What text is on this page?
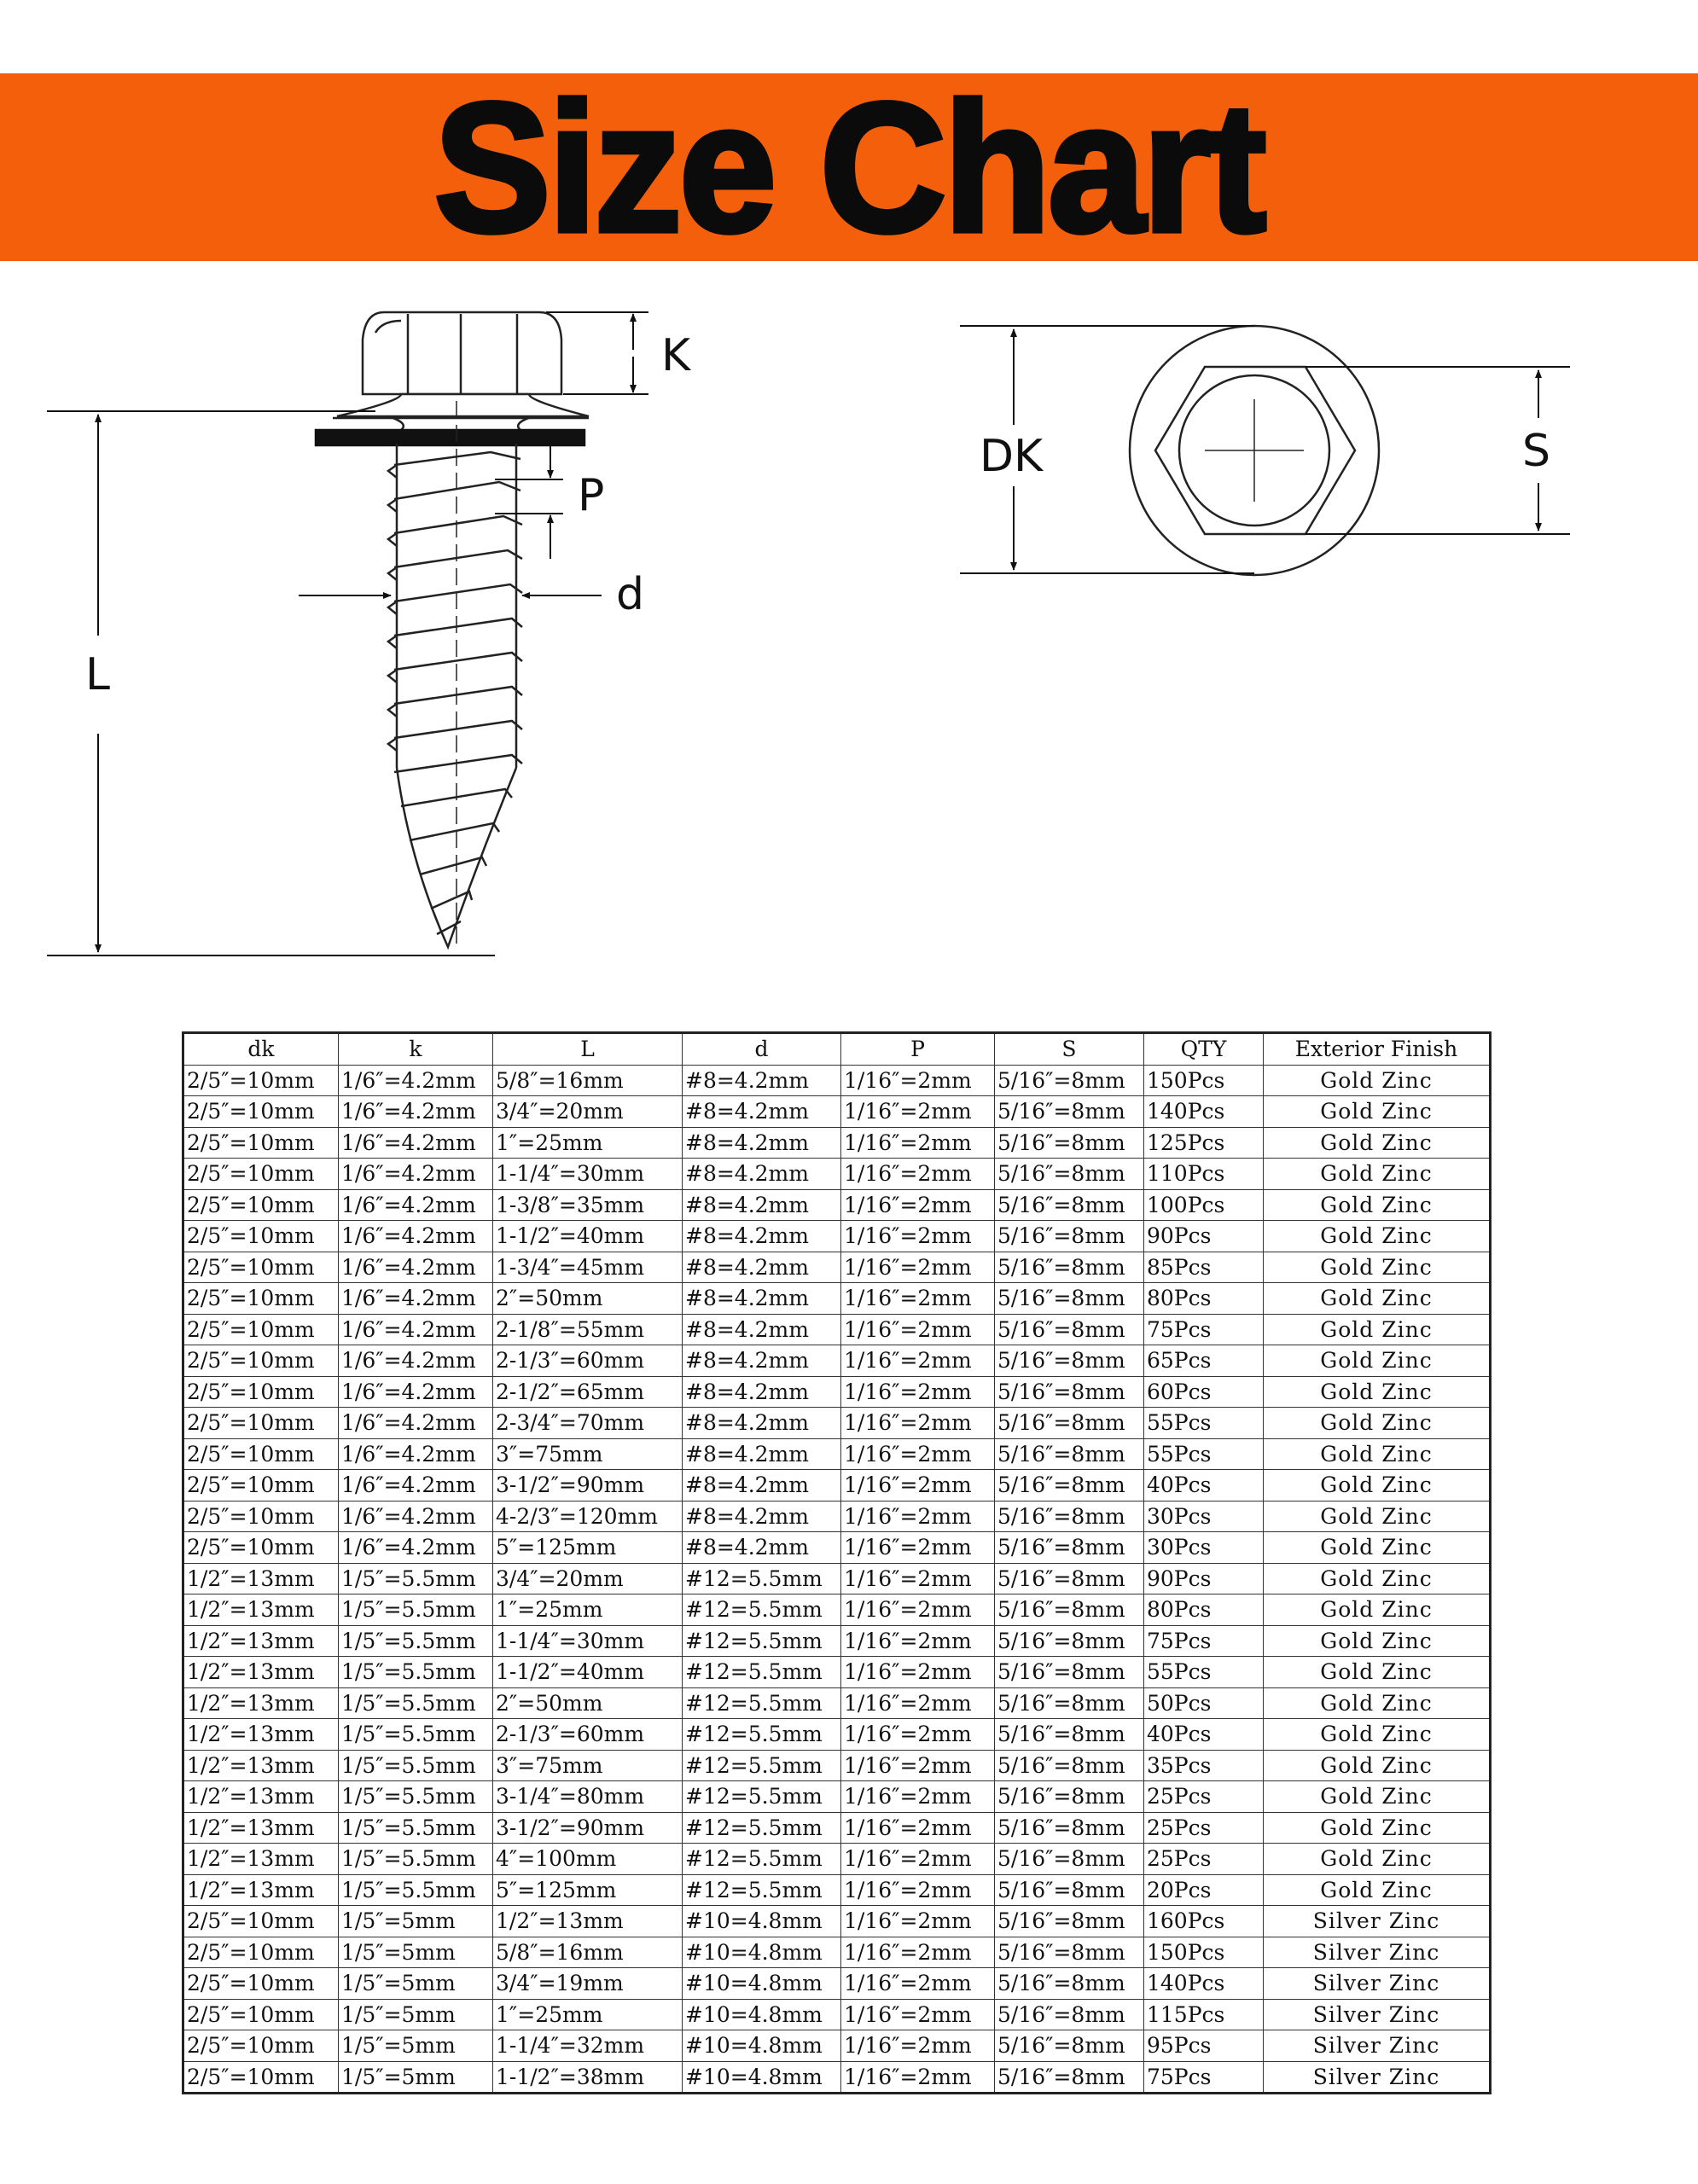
Size Chart
K
P
d
L
DK	S
dk	k	L	d	P	S	QTY	Exterior Finish
2/5″=10mm	1/6″=4.2mm	5/8″=16mm	#8=4.2mm	1/16″=2mm	5/16″=8mm	150Pcs	Gold Zinc
2/5″=10mm	1/6″=4.2mm	3/4″=20mm	#8=4.2mm	1/16″=2mm	5/16″=8mm	140Pcs	Gold Zinc
2/5″=10mm	1/6″=4.2mm	1″=25mm	#8=4.2mm	1/16″=2mm	5/16″=8mm	125Pcs	Gold Zinc
2/5″=10mm	1/6″=4.2mm	1-1/4″=30mm	#8=4.2mm	1/16″=2mm	5/16″=8mm	110Pcs	Gold Zinc
2/5″=10mm	1/6″=4.2mm	1-3/8″=35mm	#8=4.2mm	1/16″=2mm	5/16″=8mm	100Pcs	Gold Zinc
2/5″=10mm	1/6″=4.2mm	1-1/2″=40mm	#8=4.2mm	1/16″=2mm	5/16″=8mm	90Pcs	Gold Zinc
2/5″=10mm	1/6″=4.2mm	1-3/4″=45mm	#8=4.2mm	1/16″=2mm	5/16″=8mm	85Pcs	Gold Zinc
2/5″=10mm	1/6″=4.2mm	2″=50mm	#8=4.2mm	1/16″=2mm	5/16″=8mm	80Pcs	Gold Zinc
2/5″=10mm	1/6″=4.2mm	2-1/8″=55mm	#8=4.2mm	1/16″=2mm	5/16″=8mm	75Pcs	Gold Zinc
2/5″=10mm	1/6″=4.2mm	2-1/3″=60mm	#8=4.2mm	1/16″=2mm	5/16″=8mm	65Pcs	Gold Zinc
2/5″=10mm	1/6″=4.2mm	2-1/2″=65mm	#8=4.2mm	1/16″=2mm	5/16″=8mm	60Pcs	Gold Zinc
2/5″=10mm	1/6″=4.2mm	2-3/4″=70mm	#8=4.2mm	1/16″=2mm	5/16″=8mm	55Pcs	Gold Zinc
2/5″=10mm	1/6″=4.2mm	3″=75mm	#8=4.2mm	1/16″=2mm	5/16″=8mm	55Pcs	Gold Zinc
2/5″=10mm	1/6″=4.2mm	3-1/2″=90mm	#8=4.2mm	1/16″=2mm	5/16″=8mm	40Pcs	Gold Zinc
2/5″=10mm	1/6″=4.2mm	4-2/3″=120mm	#8=4.2mm	1/16″=2mm	5/16″=8mm	30Pcs	Gold Zinc
2/5″=10mm	1/6″=4.2mm	5″=125mm	#8=4.2mm	1/16″=2mm	5/16″=8mm	30Pcs	Gold Zinc
1/2″=13mm	1/5″=5.5mm	3/4″=20mm	#12=5.5mm	1/16″=2mm	5/16″=8mm	90Pcs	Gold Zinc
1/2″=13mm	1/5″=5.5mm	1″=25mm	#12=5.5mm	1/16″=2mm	5/16″=8mm	80Pcs	Gold Zinc
1/2″=13mm	1/5″=5.5mm	1-1/4″=30mm	#12=5.5mm	1/16″=2mm	5/16″=8mm	75Pcs	Gold Zinc
1/2″=13mm	1/5″=5.5mm	1-1/2″=40mm	#12=5.5mm	1/16″=2mm	5/16″=8mm	55Pcs	Gold Zinc
1/2″=13mm	1/5″=5.5mm	2″=50mm	#12=5.5mm	1/16″=2mm	5/16″=8mm	50Pcs	Gold Zinc
1/2″=13mm	1/5″=5.5mm	2-1/3″=60mm	#12=5.5mm	1/16″=2mm	5/16″=8mm	40Pcs	Gold Zinc
1/2″=13mm	1/5″=5.5mm	3″=75mm	#12=5.5mm	1/16″=2mm	5/16″=8mm	35Pcs	Gold Zinc
1/2″=13mm	1/5″=5.5mm	3-1/4″=80mm	#12=5.5mm	1/16″=2mm	5/16″=8mm	25Pcs	Gold Zinc
1/2″=13mm	1/5″=5.5mm	3-1/2″=90mm	#12=5.5mm	1/16″=2mm	5/16″=8mm	25Pcs	Gold Zinc
1/2″=13mm	1/5″=5.5mm	4″=100mm	#12=5.5mm	1/16″=2mm	5/16″=8mm	25Pcs	Gold Zinc
1/2″=13mm	1/5″=5.5mm	5″=125mm	#12=5.5mm	1/16″=2mm	5/16″=8mm	20Pcs	Gold Zinc
2/5″=10mm	1/5″=5mm	1/2″=13mm	#10=4.8mm	1/16″=2mm	5/16″=8mm	160Pcs	Silver Zinc
2/5″=10mm	1/5″=5mm	5/8″=16mm	#10=4.8mm	1/16″=2mm	5/16″=8mm	150Pcs	Silver Zinc
2/5″=10mm	1/5″=5mm	3/4″=19mm	#10=4.8mm	1/16″=2mm	5/16″=8mm	140Pcs	Silver Zinc
2/5″=10mm	1/5″=5mm	1″=25mm	#10=4.8mm	1/16″=2mm	5/16″=8mm	115Pcs	Silver Zinc
2/5″=10mm	1/5″=5mm	1-1/4″=32mm	#10=4.8mm	1/16″=2mm	5/16″=8mm	95Pcs	Silver Zinc
2/5″=10mm	1/5″=5mm	1-1/2″=38mm	#10=4.8mm	1/16″=2mm	5/16″=8mm	75Pcs	Silver Zinc
